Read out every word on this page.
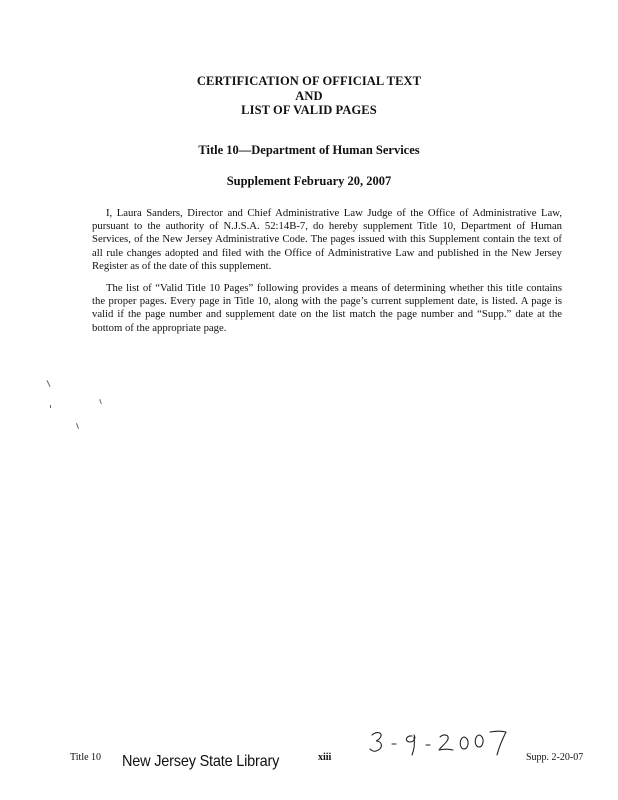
CERTIFICATION OF OFFICIAL TEXT
AND
LIST OF VALID PAGES
Title 10—Department of Human Services
Supplement February 20, 2007

I, Laura Sanders, Director and Chief Administrative Law Judge of the Office of Administrative Law, pursuant to the authority of N.J.S.A. 52:14B-7, do hereby supplement Title 10, Department of Human Services, of the New Jersey Administrative Code. The pages issued with this Supplement contain the text of all rule changes adopted and filed with the Office of Administrative Law and published in the New Jersey Register as of the date of this supplement.

The list of “Valid Title 10 Pages” following provides a means of determining whether this title contains the proper pages. Every page in Title 10, along with the page’s current supplement date, is listed. A page is valid if the page number and supplement date on the list match the page number and “Supp.” date at the bottom of the appropriate page.

Title 10 New Jersey State Library	xiii	Supp. 2-20-07
